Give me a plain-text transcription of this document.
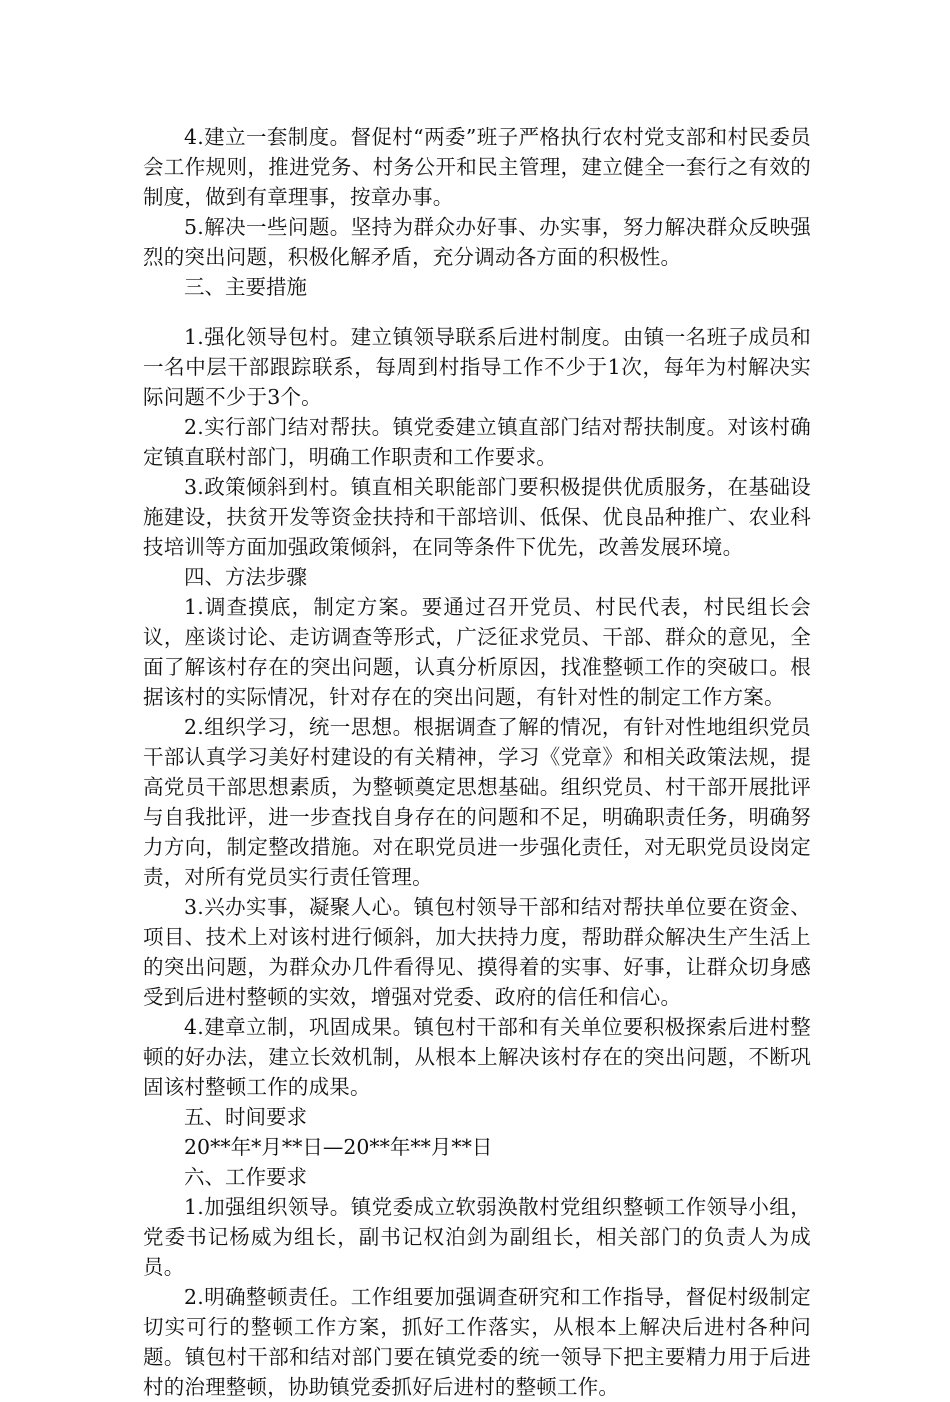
4.建立一套制度。督促村“两委”班子严格执行农村党支部和村民委员会工作规则，推进党务、村务公开和民主管理，建立健全一套行之有效的制度，做到有章理事，按章办事。

5.解决一些问题。坚持为群众办好事、办实事，努力解决群众反映强烈的突出问题，积极化解矛盾，充分调动各方面的积极性。

三、主要措施

1.强化领导包村。建立镇领导联系后进村制度。由镇一名班子成员和一名中层干部跟踪联系，每周到村指导工作不少于1次，每年为村解决实际问题不少于3个。

2.实行部门结对帮扶。镇党委建立镇直部门结对帮扶制度。对该村确定镇直联村部门，明确工作职责和工作要求。

3.政策倾斜到村。镇直相关职能部门要积极提供优质服务，在基础设施建设，扶贫开发等资金扶持和干部培训、低保、优良品种推广、农业科技培训等方面加强政策倾斜，在同等条件下优先，改善发展环境。

四、方法步骤

1.调查摸底，制定方案。要通过召开党员、村民代表，村民组长会议，座谈讨论、走访调查等形式，广泛征求党员、干部、群众的意见，全面了解该村存在的突出问题，认真分析原因，找准整顿工作的突破口。根据该村的实际情况，针对存在的突出问题，有针对性的制定工作方案。

2.组织学习，统一思想。根据调查了解的情况，有针对性地组织党员干部认真学习美好村建设的有关精神，学习《党章》和相关政策法规，提高党员干部思想素质，为整顿奠定思想基础。组织党员、村干部开展批评与自我批评，进一步查找自身存在的问题和不足，明确职责任务，明确努力方向，制定整改措施。对在职党员进一步强化责任，对无职党员设岗定责，对所有党员实行责任管理。

3.兴办实事，凝聚人心。镇包村领导干部和结对帮扶单位要在资金、项目、技术上对该村进行倾斜，加大扶持力度，帮助群众解决生产生活上的突出问题，为群众办几件看得见、摸得着的实事、好事，让群众切身感受到后进村整顿的实效，增强对党委、政府的信任和信心。

4.建章立制，巩固成果。镇包村干部和有关单位要积极探索后进村整顿的好办法，建立长效机制，从根本上解决该村存在的突出问题，不断巩固该村整顿工作的成果。

五、时间要求

20**年*月**日—20**年**月**日

六、工作要求

1.加强组织领导。镇党委成立软弱涣散村党组织整顿工作领导小组，党委书记杨威为组长，副书记权泊剑为副组长，相关部门的负责人为成员。

2.明确整顿责任。工作组要加强调查研究和工作指导，督促村级制定切实可行的整顿工作方案，抓好工作落实，从根本上解决后进村各种问题。镇包村干部和结对部门要在镇党委的统一领导下把主要精力用于后进村的治理整顿，协助镇党委抓好后进村的整顿工作。
